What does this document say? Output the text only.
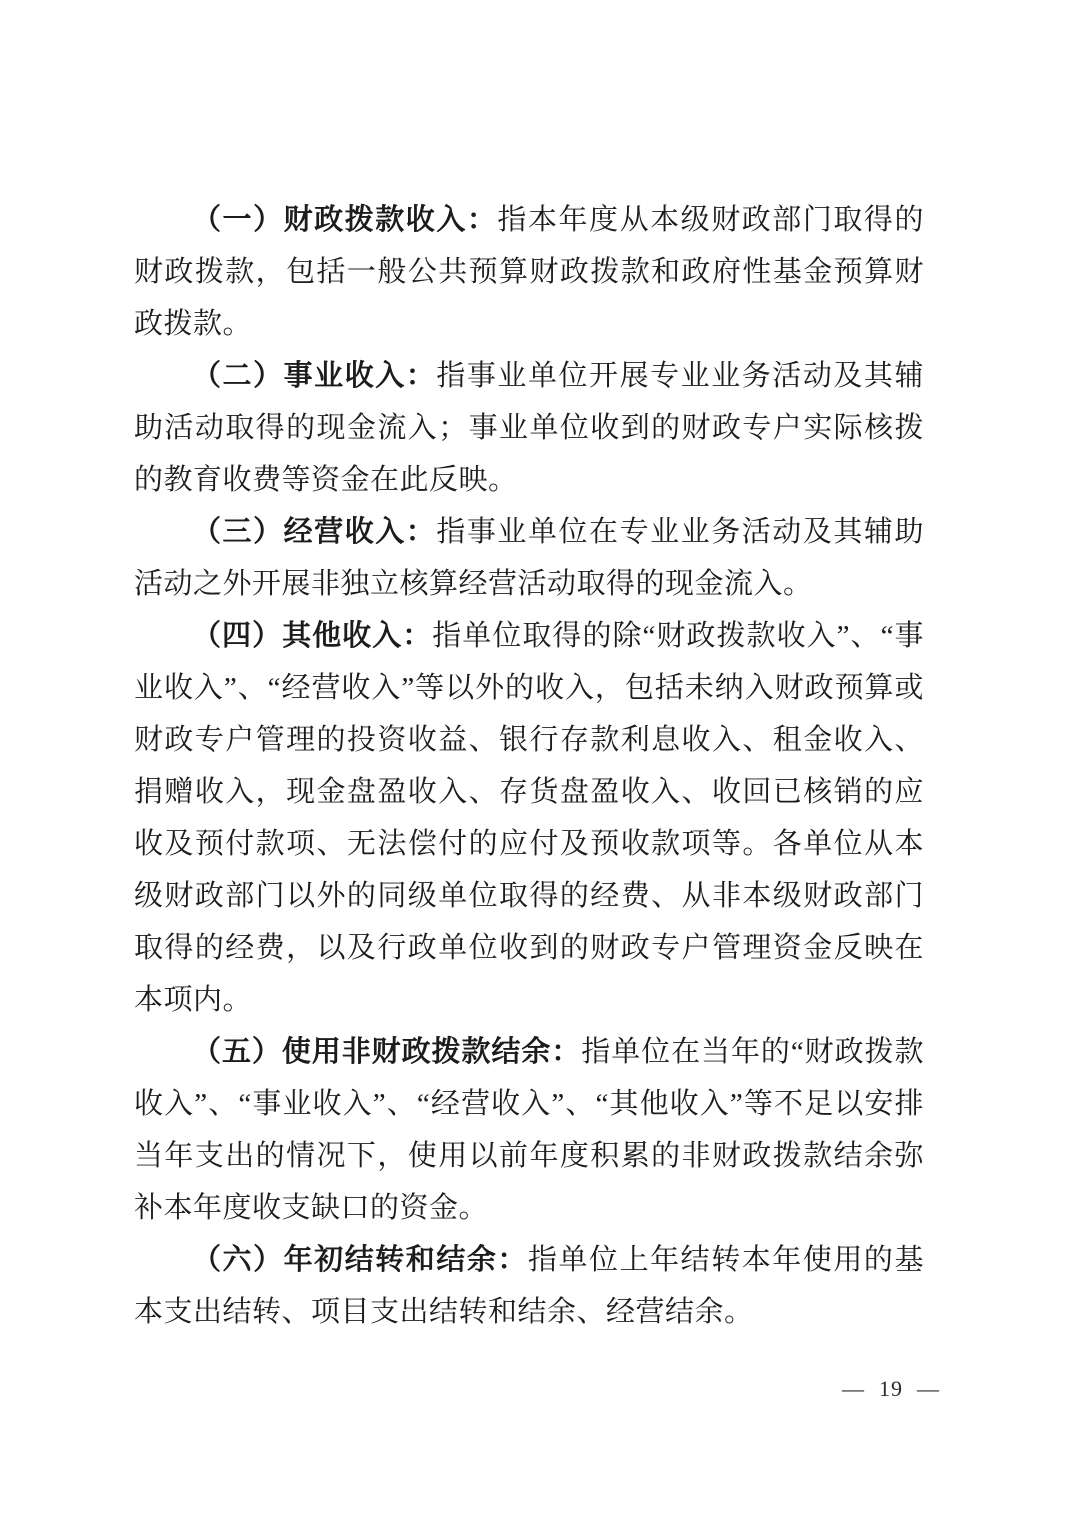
（一）财政拨款收入：指本年度从本级财政部门取得的财政拨款，包括一般公共预算财政拨款和政府性基金预算财政拨款。

（二）事业收入：指事业单位开展专业业务活动及其辅助活动取得的现金流入；事业单位收到的财政专户实际核拨的教育收费等资金在此反映。

（三）经营收入：指事业单位在专业业务活动及其辅助活动之外开展非独立核算经营活动取得的现金流入。

（四）其他收入：指单位取得的除“财政拨款收入”、“事业收入”、“经营收入”等以外的收入，包括未纳入财政预算或财政专户管理的投资收益、银行存款利息收入、租金收入、捐赠收入，现金盘盈收入、存货盘盈收入、收回已核销的应收及预付款项、无法偿付的应付及预收款项等。各单位从本级财政部门以外的同级单位取得的经费、从非本级财政部门取得的经费，以及行政单位收到的财政专户管理资金反映在本项内。

（五）使用非财政拨款结余：指单位在当年的“财政拨款收入”、“事业收入”、“经营收入”、“其他收入”等不足以安排当年支出的情况下，使用以前年度积累的非财政拨款结余弥补本年度收支缺口的资金。

（六）年初结转和结余：指单位上年结转本年使用的基本支出结转、项目支出结转和结余、经营结余。

— 19 —
